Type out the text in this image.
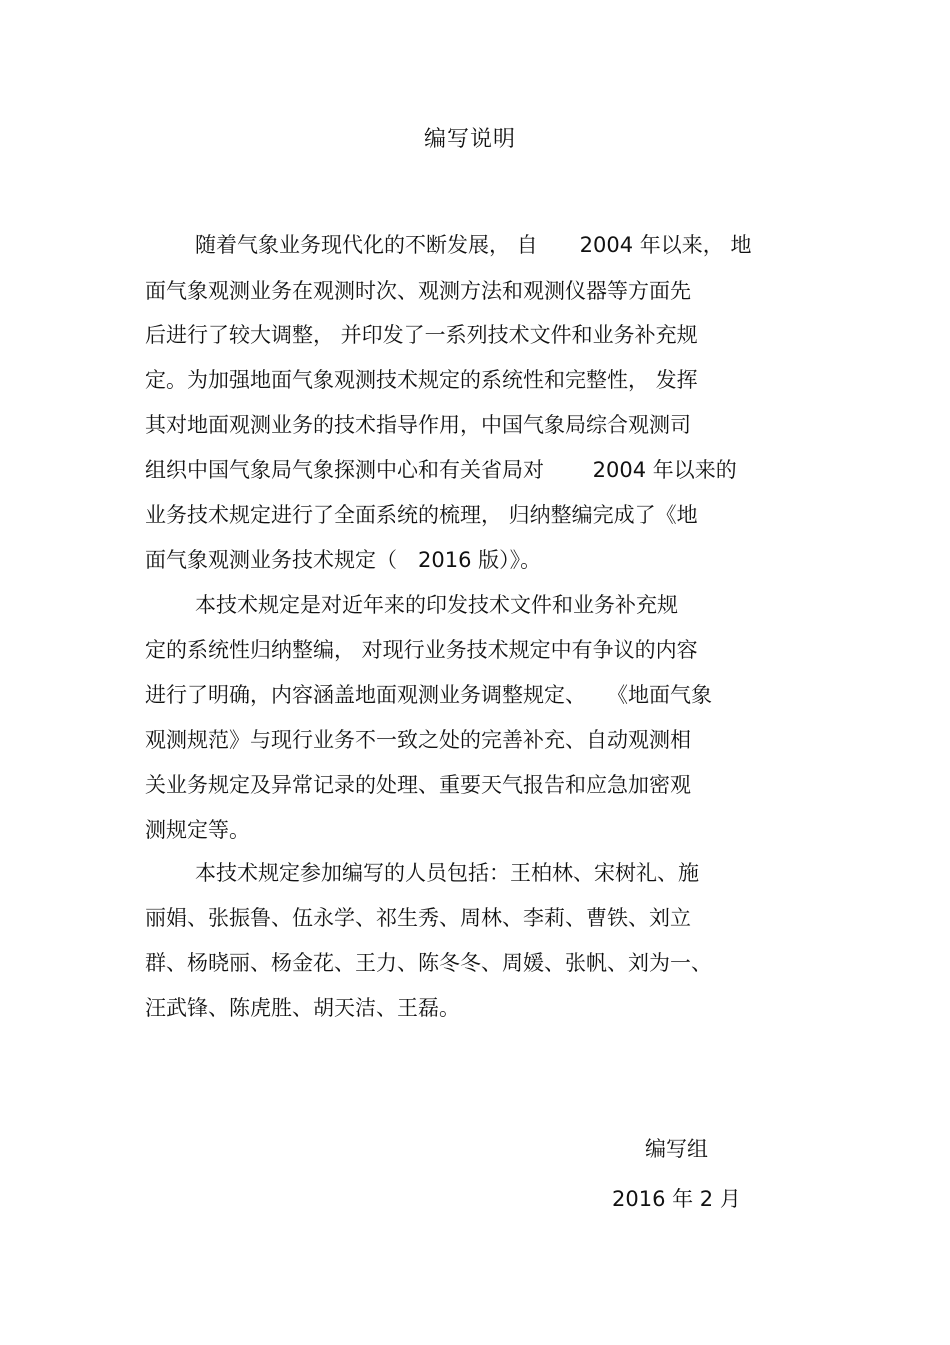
编写说明
随着气象业务现代化的不断发展， 自　　2004 年以来， 地
面气象观测业务在观测时次、观测方法和观测仪器等方面先
后进行了较大调整， 并印发了一系列技术文件和业务补充规
定。为加强地面气象观测技术规定的系统性和完整性， 发挥
其对地面观测业务的技术指导作用，中国气象局综合观测司
组织中国气象局气象探测中心和有关省局对　　 2004 年以来的
业务技术规定进行了全面系统的梳理， 归纳整编完成了《地
面气象观测业务技术规定（　2016 版）》。
本技术规定是对近年来的印发技术文件和业务补充规
定的系统性归纳整编， 对现行业务技术规定中有争议的内容
进行了明确，内容涵盖地面观测业务调整规定、　　《地面气象
观测规范》与现行业务不一致之处的完善补充、自动观测相
关业务规定及异常记录的处理、重要天气报告和应急加密观
测规定等。
本技术规定参加编写的人员包括：王柏林、宋树礼、施
丽娟、张振鲁、伍永学、祁生秀、周林、李莉、曹铁、刘立
群、杨晓丽、杨金花、王力、陈冬冬、周媛、张帆、刘为一、
汪武锋、陈虎胜、胡天洁、王磊。
编写组
2016 年 2 月
